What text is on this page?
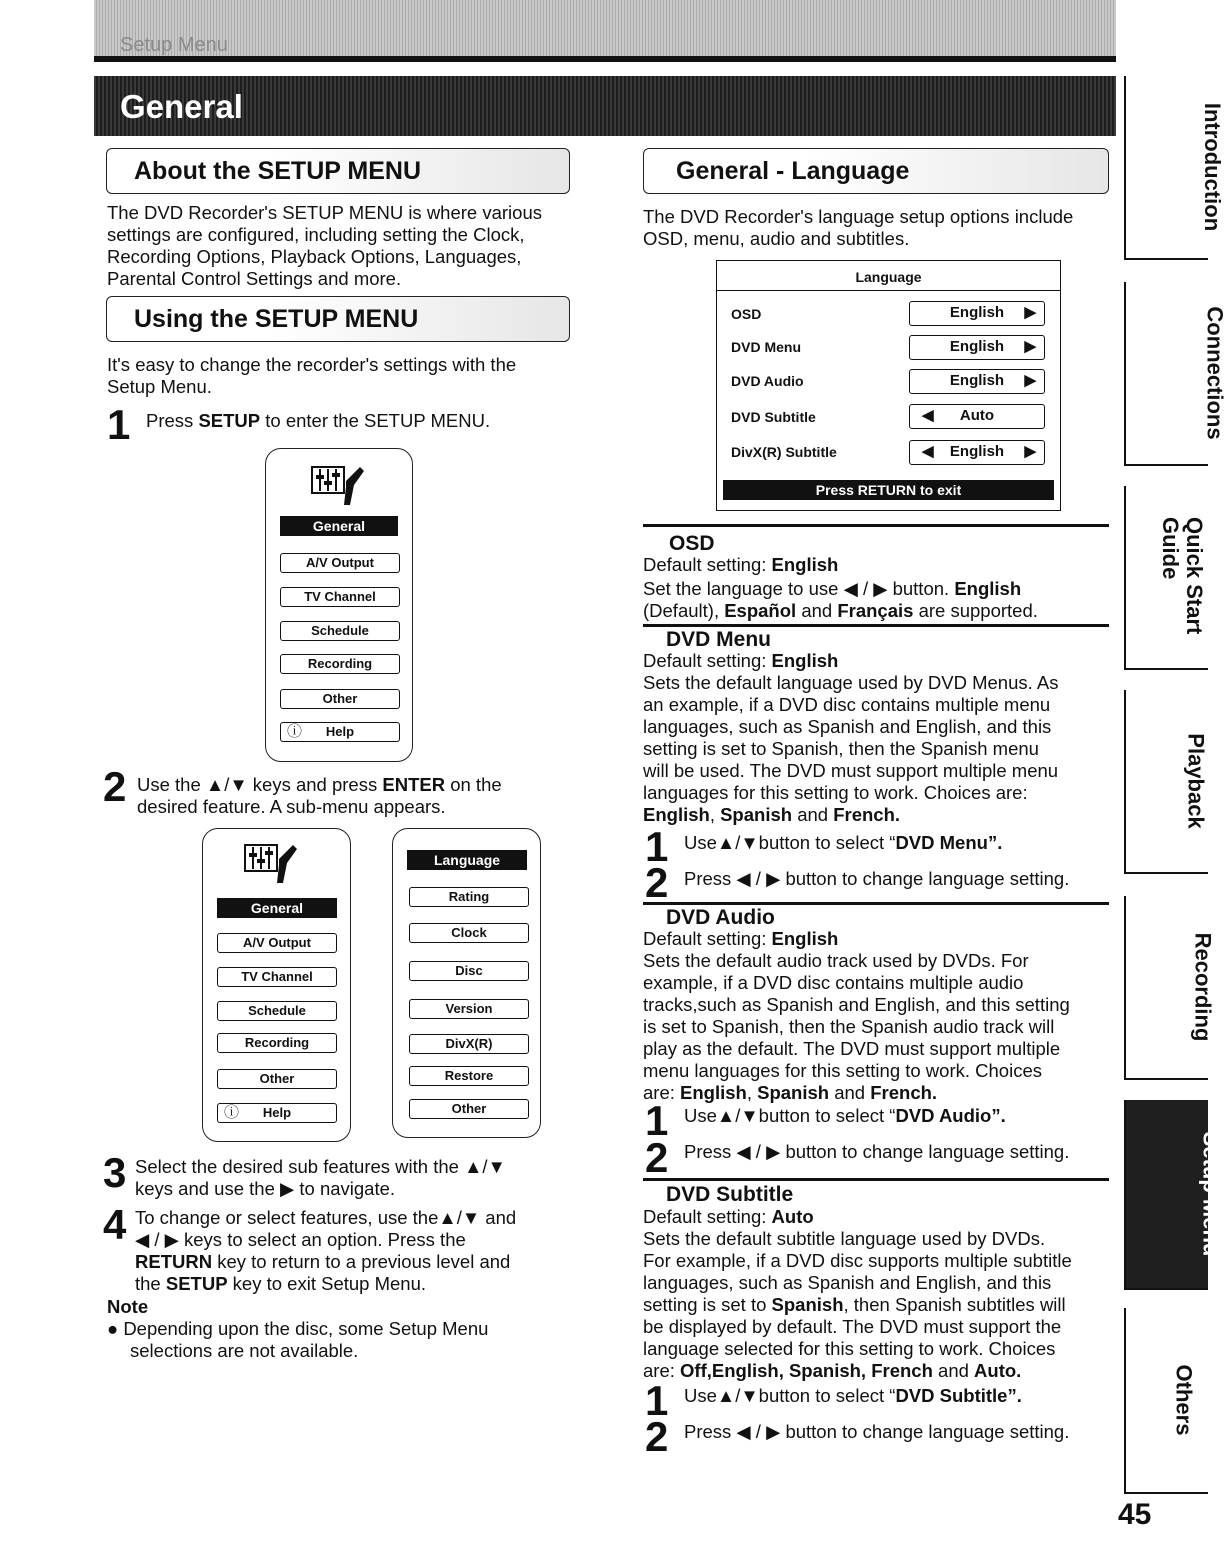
Setup Menu
General
About the SETUP MENU
The DVD Recorder's SETUP MENU is where various
settings are configured, including setting the Clock,
Recording Options, Playback Options, Languages,
Parental Control Settings and more.
Using the SETUP MENU
It's easy to change the recorder's settings with the
Setup Menu.
1 Press SETUP to enter the SETUP MENU.
General
A/V Output
TV Channel
Schedule
Recording
Other
ⓘ Help
2 Use the ▲/▼ keys and press ENTER on the
desired feature. A sub-menu appears.
General
A/V Output
TV Channel
Schedule
Recording
Other
ⓘ Help
Language
Rating
Clock
Disc
Version
DivX(R)
Restore
Other
3 Select the desired sub features with the ▲/▼
keys and use the ▶ to navigate.
4 To change or select features, use the▲/▼ and
◀ / ▶ keys to select an option. Press the
RETURN key to return to a previous level and
the SETUP key to exit Setup Menu.
Note
● Depending upon the disc, some Setup Menu
selections are not available.
General - Language
The DVD Recorder's language setup options include
OSD, menu, audio and subtitles.
Language
OSD	English	▶
DVD Menu	English	▶
DVD Audio	English	▶
DVD Subtitle	◀	Auto
DivX(R) Subtitle	◀	English	▶
Press RETURN to exit
OSD
Default setting: English
Set the language to use ◀ / ▶ button. English
(Default), Español and Français are supported.
DVD Menu
Default setting: English
Sets the default language used by DVD Menus. As
an example, if a DVD disc contains multiple menu
languages, such as Spanish and English, and this
setting is set to Spanish, then the Spanish menu
will be used. The DVD must support multiple menu
languages for this setting to work. Choices are:
English, Spanish and French.
1 Use▲/▼button to select “DVD Menu”.
2 Press ◀ / ▶ button to change language setting.
DVD Audio
Default setting: English
Sets the default audio track used by DVDs. For
example, if a DVD disc contains multiple audio
tracks,such as Spanish and English, and this setting
is set to Spanish, then the Spanish audio track will
play as the default. The DVD must support multiple
menu languages for this setting to work. Choices
are: English, Spanish and French.
1 Use▲/▼button to select “DVD Audio”.
2 Press ◀ / ▶ button to change language setting.
DVD Subtitle
Default setting: Auto
Sets the default subtitle language used by DVDs.
For example, if a DVD disc supports multiple subtitle
languages, such as Spanish and English, and this
setting is set to Spanish, then Spanish subtitles will
be displayed by default. The DVD must support the
language selected for this setting to work. Choices
are: Off,English, Spanish, French and Auto.
1 Use▲/▼button to select “DVD Subtitle”.
2 Press ◀ / ▶ button to change language setting.
Introduction
Connections
Quick Start Guide
Playback
Recording
Setup Menu
Others
45
